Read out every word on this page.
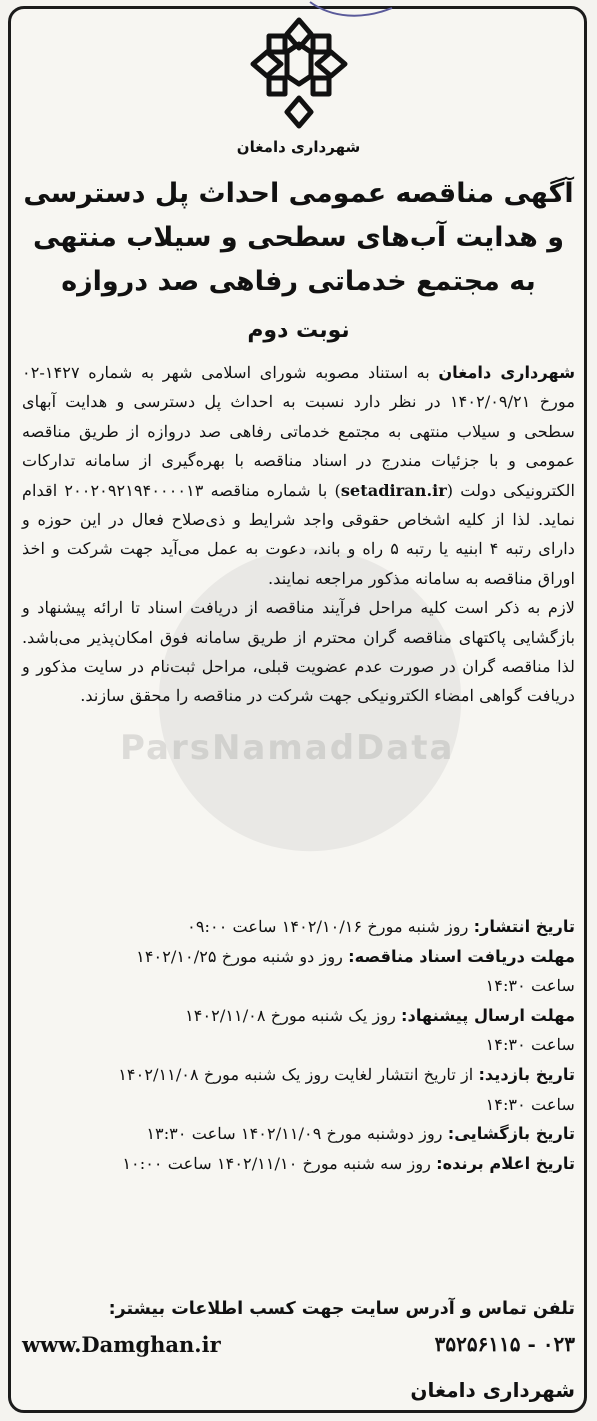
ParsNamadData
شهرداری دامغان
آگهی مناقصه عمومی احداث پل دسترسی
و هدایت آب‌های سطحی و سیلاب منتهی
به مجتمع خدماتی رفاهی صد دروازه
نوبت دوم
شهرداری دامغان به استناد مصوبه شورای اسلامی شهر به شماره ۱۴۲۷-۰۲ مورخ ۱۴۰۲/۰۹/۲۱ در نظر دارد نسبت به احداث پل دسترسی و هدایت آبهای سطحی و سیلاب منتهی به مجتمع خدماتی رفاهی صد دروازه از طریق مناقصه عمومی و با جزئیات مندرج در اسناد مناقصه با بهره‌گیری از سامانه تدارکات الکترونیکی دولت (setadiran.ir) با شماره مناقصه ۲۰۰۲۰۹۲۱۹۴۰۰۰۰۱۳ اقدام نماید. لذا از کلیه اشخاص حقوقی واجد شرایط و ذی‌صلاح فعال در این حوزه و دارای رتبه ۴ ابنیه یا رتبه ۵ راه و باند، دعوت به عمل می‌آید جهت شرکت و اخذ اوراق مناقصه به سامانه مذکور مراجعه نمایند.
لازم به ذکر است کلیه مراحل فرآیند مناقصه از دریافت اسناد تا ارائه پیشنهاد و بازگشایی پاکتهای مناقصه گران محترم از طریق سامانه فوق امکان‌پذیر می‌باشد. لذا مناقصه گران در صورت عدم عضویت قبلی، مراحل ثبت‌نام در سایت مذکور و دریافت گواهی امضاء الکترونیکی جهت شرکت در مناقصه را محقق سازند.
تاریخ انتشار: روز شنبه مورخ ۱۴۰۲/۱۰/۱۶ ساعت ۰۹:۰۰
مهلت دریافت اسناد مناقصه: روز دو شنبه مورخ ۱۴۰۲/۱۰/۲۵
ساعت ۱۴:۳۰
مهلت ارسال پیشنهاد: روز یک شنبه مورخ ۱۴۰۲/۱۱/۰۸
ساعت ۱۴:۳۰
تاریخ بازدید: از تاریخ انتشار لغایت روز یک شنبه مورخ ۱۴۰۲/۱۱/۰۸
ساعت ۱۴:۳۰
تاریخ بازگشایی: روز دوشنبه مورخ ۱۴۰۲/۱۱/۰۹ ساعت ۱۳:۳۰
تاریخ اعلام برنده: روز سه شنبه مورخ ۱۴۰۲/۱۱/۱۰ ساعت ۱۰:۰۰
تلفن تماس و آدرس سایت جهت کسب اطلاعات بیشتر:
۰۲۳ - ۳۵۲۵۶۱۱۵
www.Damghan.ir
شهرداری دامغان
